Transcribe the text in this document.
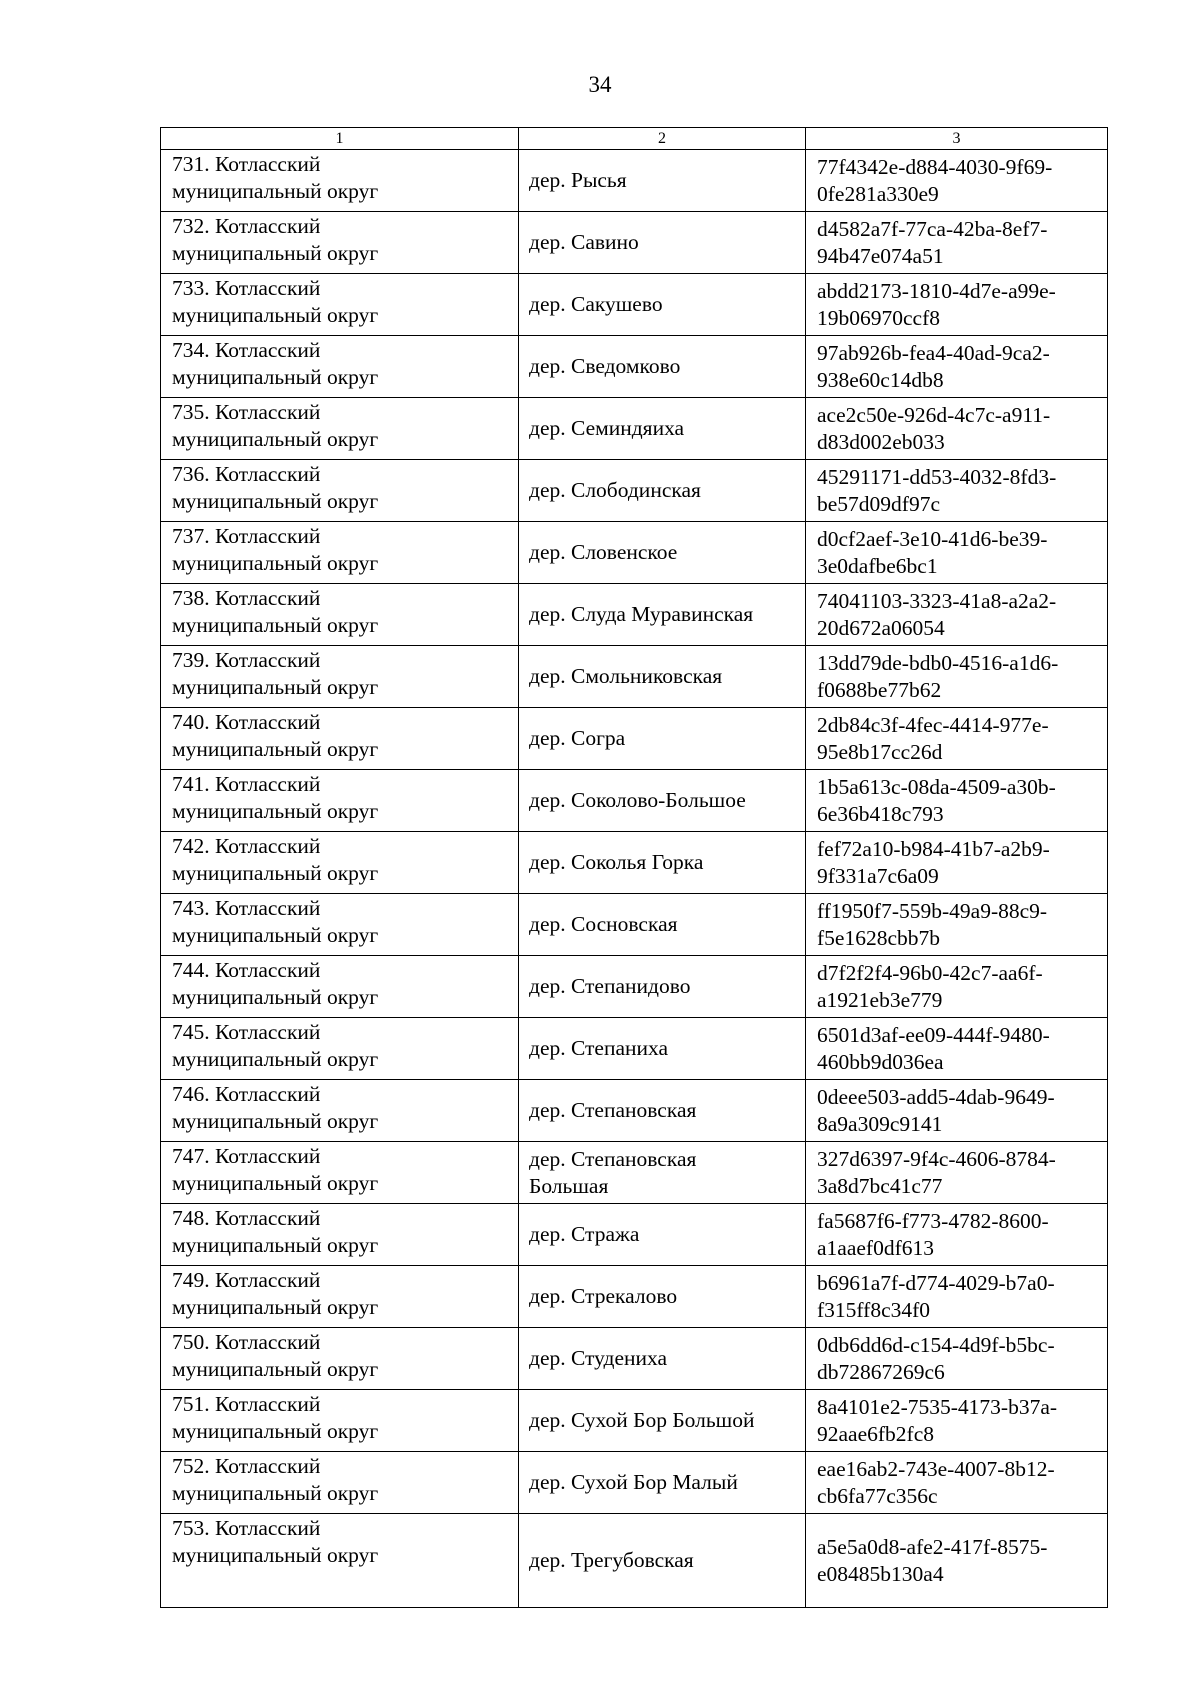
34
1	2	3

731. Котласский
муниципальный округ	дер. Рысья	77f4342e-d884-4030-9f69-
0fe281a330e9

732. Котласский
муниципальный округ	дер. Савино	d4582a7f-77ca-42ba-8ef7-
94b47e074a51

733. Котласский
муниципальный округ	дер. Сакушево	abdd2173-1810-4d7e-a99e-
19b06970ccf8

734. Котласский
муниципальный округ	дер. Сведомково	97ab926b-fea4-40ad-9ca2-
938e60c14db8

735. Котласский
муниципальный округ	дер. Семиндяиха	ace2c50e-926d-4c7c-a911-
d83d002eb033

736. Котласский
муниципальный округ	дер. Слободинская	45291171-dd53-4032-8fd3-
be57d09df97c

737. Котласский
муниципальный округ	дер. Словенское	d0cf2aef-3e10-41d6-be39-
3e0dafbe6bc1

738. Котласский
муниципальный округ	дер. Слуда Муравинская	74041103-3323-41a8-a2a2-
20d672a06054

739. Котласский
муниципальный округ	дер. Смольниковская	13dd79de-bdb0-4516-a1d6-
f0688be77b62

740. Котласский
муниципальный округ	дер. Согра	2db84c3f-4fec-4414-977e-
95e8b17cc26d

741. Котласский
муниципальный округ	дер. Соколово-Большое	1b5a613c-08da-4509-a30b-
6e36b418c793

742. Котласский
муниципальный округ	дер. Соколья Горка	fef72a10-b984-41b7-a2b9-
9f331a7c6a09

743. Котласский
муниципальный округ	дер. Сосновская	ff1950f7-559b-49a9-88c9-
f5e1628cbb7b

744. Котласский
муниципальный округ	дер. Степанидово	d7f2f2f4-96b0-42c7-aa6f-
a1921eb3e779

745. Котласский
муниципальный округ	дер. Степаниха	6501d3af-ee09-444f-9480-
460bb9d036ea

746. Котласский
муниципальный округ	дер. Степановская	0deee503-add5-4dab-9649-
8a9a309c9141

747. Котласский
муниципальный округ	дер. Степановская
Большая	327d6397-9f4c-4606-8784-
3a8d7bc41c77

748. Котласский
муниципальный округ	дер. Стража	fa5687f6-f773-4782-8600-
a1aaef0df613

749. Котласский
муниципальный округ	дер. Стрекалово	b6961a7f-d774-4029-b7a0-
f315ff8c34f0

750. Котласский
муниципальный округ	дер. Студениха	0db6dd6d-c154-4d9f-b5bc-
db72867269c6

751. Котласский
муниципальный округ	дер. Сухой Бор Большой	8a4101e2-7535-4173-b37a-
92aae6fb2fc8

752. Котласский
муниципальный округ	дер. Сухой Бор Малый	eae16ab2-743e-4007-8b12-
cb6fa77c356c

753. Котласский
муниципальный округ	дер. Трегубовская	a5e5a0d8-afe2-417f-8575-
e08485b130a4
